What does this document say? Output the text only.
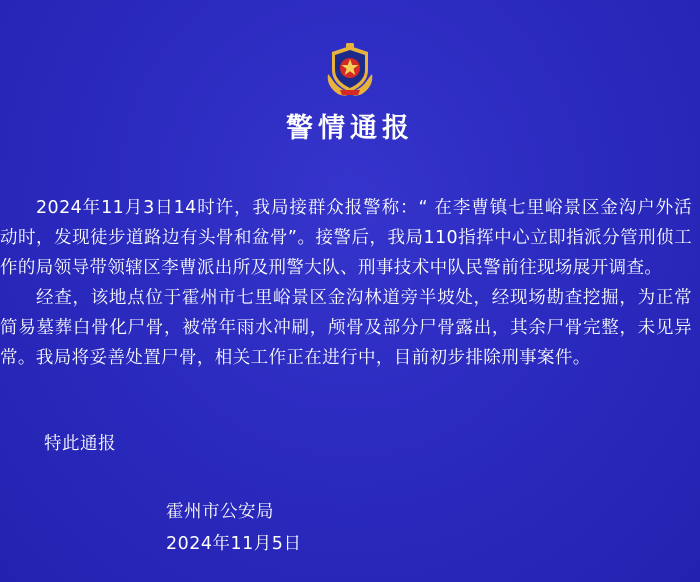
警情通报

2024年11月3日14时许，我局接群众报警称：“ 在李曹镇七里峪景区金沟户外活动时，发现徒步道路边有头骨和盆骨”。接警后，我局110指挥中心立即指派分管刑侦工作的局领导带领辖区李曹派出所及刑警大队、刑事技术中队民警前往现场展开调查。

经查，该地点位于霍州市七里峪景区金沟林道旁半坡处，经现场勘查挖掘，为正常简易墓葬白骨化尸骨，被常年雨水冲刷，颅骨及部分尸骨露出，其余尸骨完整，未见异常。我局将妥善处置尸骨，相关工作正在进行中，目前初步排除刑事案件。

特此通报
霍州市公安局
2024年11月5日
